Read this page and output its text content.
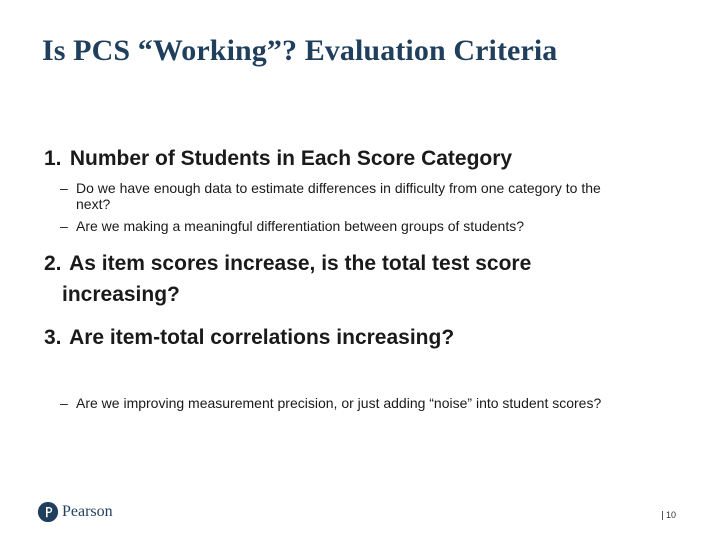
Is PCS “Working”? Evaluation Criteria

1. Number of Students in Each Score Category

– Do we have enough data to estimate differences in difficulty from one category to the
next?

– Are we making a meaningful differentiation between groups of students?

2. As item scores increase, is the total test score
increasing?

3. Are item-total correlations increasing?

– Are we improving measurement precision, or just adding “noise” into student scores?

Pearson	10
